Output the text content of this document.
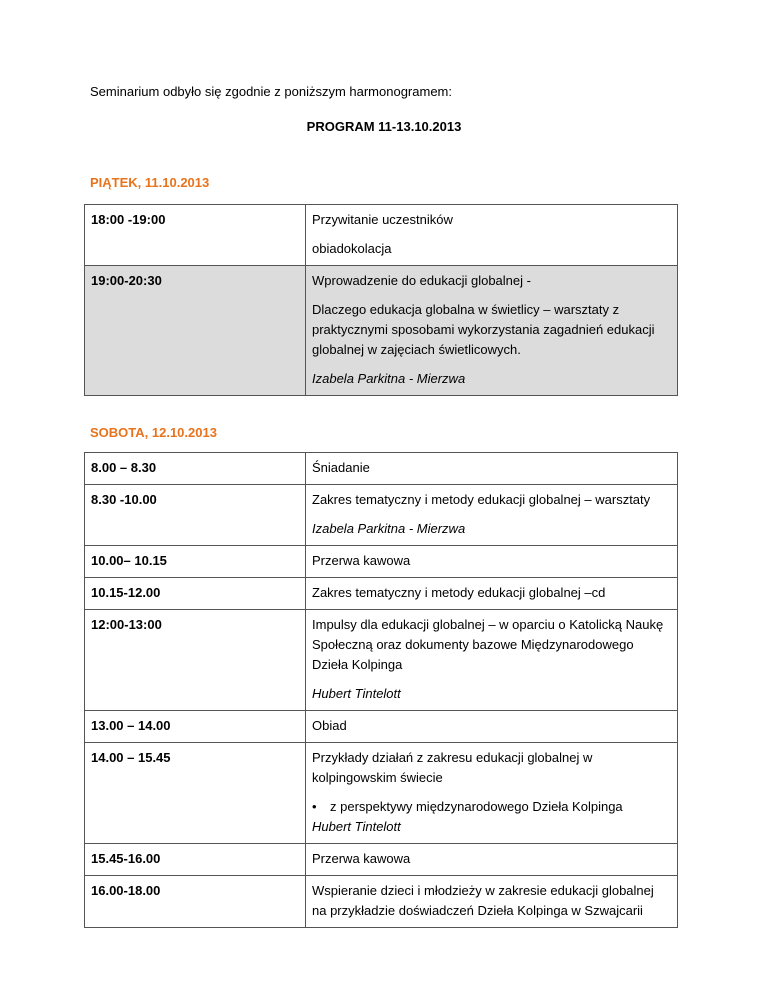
Seminarium odbyło się zgodnie z poniższym harmonogramem:
PROGRAM 11-13.10.2013
PIĄTEK, 11.10.2013
18:00 -19:00	Przywitanie uczestników
obiadokolacja

19:00-20:30	Wprowadzenie do edukacji globalnej -
Dlaczego edukacja globalna w świetlicy – warsztaty z praktycznymi sposobami wykorzystania zagadnień edukacji globalnej w zajęciach świetlicowych.
Izabela Parkitna - Mierzwa
SOBOTA, 12.10.2013
8.00 – 8.30	Śniadanie
8.30 -10.00	Zakres tematyczny i metody edukacji globalnej – warsztaty
Izabela Parkitna - Mierzwa

10.00– 10.15	Przerwa kawowa
10.15-12.00	Zakres tematyczny i metody edukacji globalnej –cd
12:00-13:00	Impulsy dla edukacji globalnej – w oparciu o Katolicką Naukę Społeczną oraz dokumenty bazowe Międzynarodowego Dzieła Kolpinga
Hubert Tintelott

13.00 – 14.00	Obiad
14.00 – 15.45	Przykłady działań z zakresu edukacji globalnej w kolpingowskim świecie
• z perspektywy międzynarodowego Dzieła Kolpinga
Hubert Tintelott

15.45-16.00	Przerwa kawowa
16.00-18.00	Wspieranie dzieci i młodzieży w zakresie edukacji globalnej na przykładzie doświadczeń Dzieła Kolpinga w Szwajcarii
